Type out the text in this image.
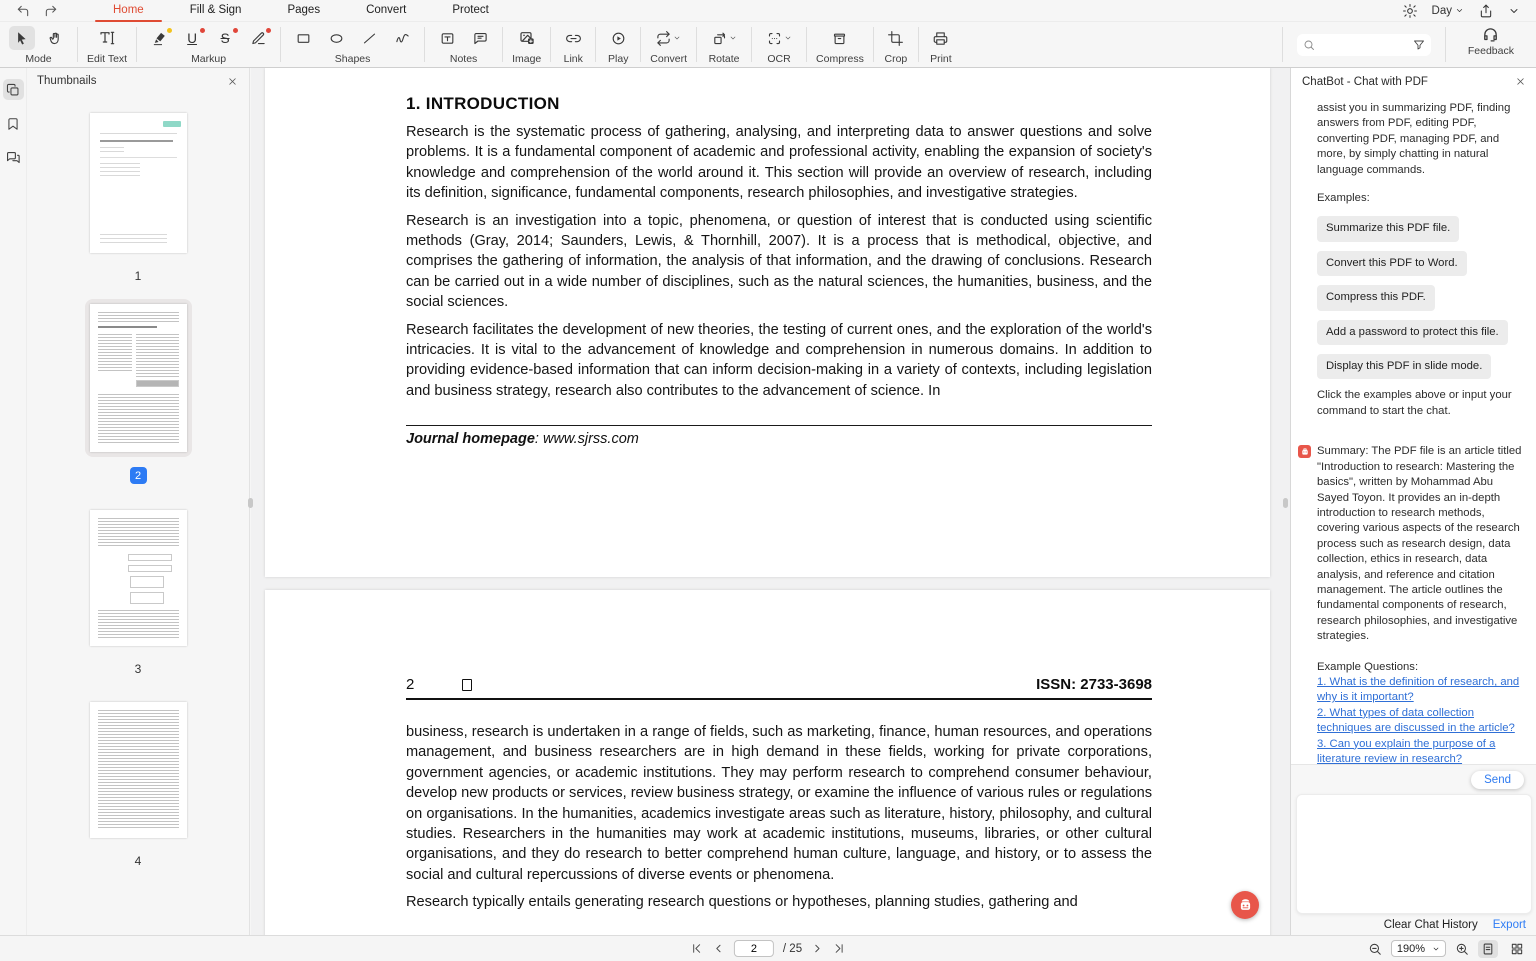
Home	Fill & Sign	Pages	Convert	Protect	Day
Mode	Edit Text
U S
Markup	Shapes	Notes	Image Link Play Convert Rotate	OCR Compress Crop Print
Feedback
Thumbnails
1
2
3
4
1. INTRODUCTION

Research is the systematic process of gathering, analysing, and interpreting data to answer questions and solve problems. It is a fundamental component of academic and professional activity, enabling the expansion of society's knowledge and comprehension of the world around it. This section will provide an overview of research, including its definition, significance, fundamental components, research philosophies, and investigative strategies.

Research is an investigation into a topic, phenomena, or question of interest that is conducted using scientific methods (Gray, 2014; Saunders, Lewis, & Thornhill, 2007). It is a process that is methodical, objective, and comprises the gathering of information, the analysis of that information, and the drawing of conclusions. Research can be carried out in a wide number of disciplines, such as the natural sciences, the humanities, business, and the social sciences.

Research facilitates the development of new theories, the testing of current ones, and the exploration of the world's intricacies. It is vital to the advancement of knowledge and comprehension in numerous domains. In addition to providing evidence-based information that can inform decision-making in a variety of contexts, including legislation and business strategy, research also contributes to the advancement of science. In

Journal homepage: www.sjrss.com
2	ISSN: 2733-3698

business, research is undertaken in a range of fields, such as marketing, finance, human resources, and operations management, and business researchers are in high demand in these fields, working for private corporations, government agencies, or academic institutions. They may perform research to comprehend consumer behaviour, develop new products or services, review business strategy, or examine the influence of various rules or regulations on organisations. In the humanities, academics investigate areas such as literature, history, philosophy, and cultural studies. Researchers in the humanities may work at academic institutions, museums, libraries, or other cultural organisations, and they do research to better comprehend human culture, language, and history, or to assess the social and cultural repercussions of diverse events or phenomena.

Research typically entails generating research questions or hypotheses, planning studies, gathering and

ChatBot - Chat with PDF
assist you in summarizing PDF, finding answers from PDF, editing PDF, converting PDF, managing PDF, and more, by simply chatting in natural language commands.
Examples:
Summarize this PDF file.
Convert this PDF to Word.
Compress this PDF.
Add a password to protect this file.
Display this PDF in slide mode.
Click the examples above or input your command to start the chat.
Summary: The PDF file is an article titled "Introduction to research: Mastering the basics", written by Mohammad Abu Sayed Toyon. It provides an in-depth introduction to research methods, covering various aspects of the research process such as research design, data collection, ethics in research, data analysis, and reference and citation management. The article outlines the fundamental components of research, research philosophies, and investigative strategies.
Example Questions:
1. What is the definition of research, and why is it important?
2. What types of data collection techniques are discussed in the article?
3. Can you explain the purpose of a literature review in research?
Send
Clear Chat History Export
2
/ 25	190%
